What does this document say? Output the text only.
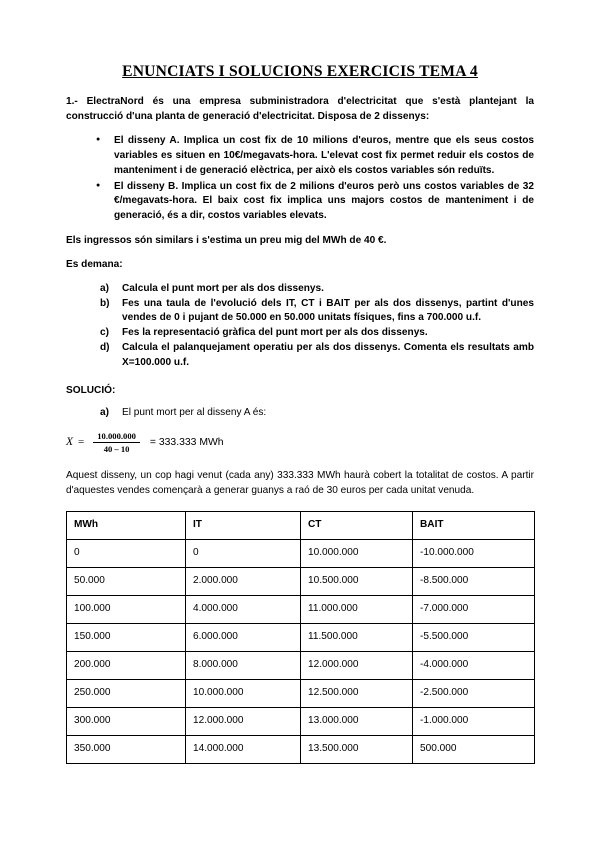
ENUNCIATS I SOLUCIONS EXERCICIS TEMA 4

1.- ElectraNord és una empresa subministradora d'electricitat que s'està plantejant la construcció d'una planta de generació d'electricitat. Disposa de 2 dissenys:

● El disseny A. Implica un cost fix de 10 milions d'euros, mentre que els seus costos variables es situen en 10€/megavats-hora. L'elevat cost fix permet reduir els costos de manteniment i de generació elèctrica, per això els costos variables són reduïts.
● El disseny B. Implica un cost fix de 2 milions d'euros però uns costos variables de 32 €/megavats-hora. El baix cost fix implica uns majors costos de manteniment i de generació, és a dir, costos variables elevats.

Els ingressos són similars i s'estima un preu mig del MWh de 40 €.

Es demana:

Calcula el punt mort per als dos dissenys.
Fes una taula de l'evolució dels IT, CT i BAIT per als dos dissenys, partint d'unes vendes de 0 i pujant de 50.000 en 50.000 unitats físiques, fins a 700.000 u.f.
Fes la representació gràfica del punt mort per als dos dissenys.
Calcula el palanquejament operatiu per als dos dissenys. Comenta els resultats amb X=100.000 u.f.
SOLUCIÓ:
El punt mort per al disseny A és:
$X = \frac{10.000.000}{40 - 10} = 333.333$ MWh

Aquest disseny, un cop hagi venut (cada any) 333.333 MWh haurà cobert la totalitat de costos. A partir d'aquestes vendes començarà a generar guanys a raó de 30 euros per cada unitat venuda.

MWh	IT	CT	BAIT
0	0	10.000.000	-10.000.000
50.000	2.000.000	10.500.000	-8.500.000
100.000	4.000.000	11.000.000	-7.000.000
150.000	6.000.000	11.500.000	-5.500.000
200.000	8.000.000	12.000.000	-4.000.000
250.000	10.000.000	12.500.000	-2.500.000
300.000	12.000.000	13.000.000	-1.000.000
350.000	14.000.000	13.500.000	500.000
